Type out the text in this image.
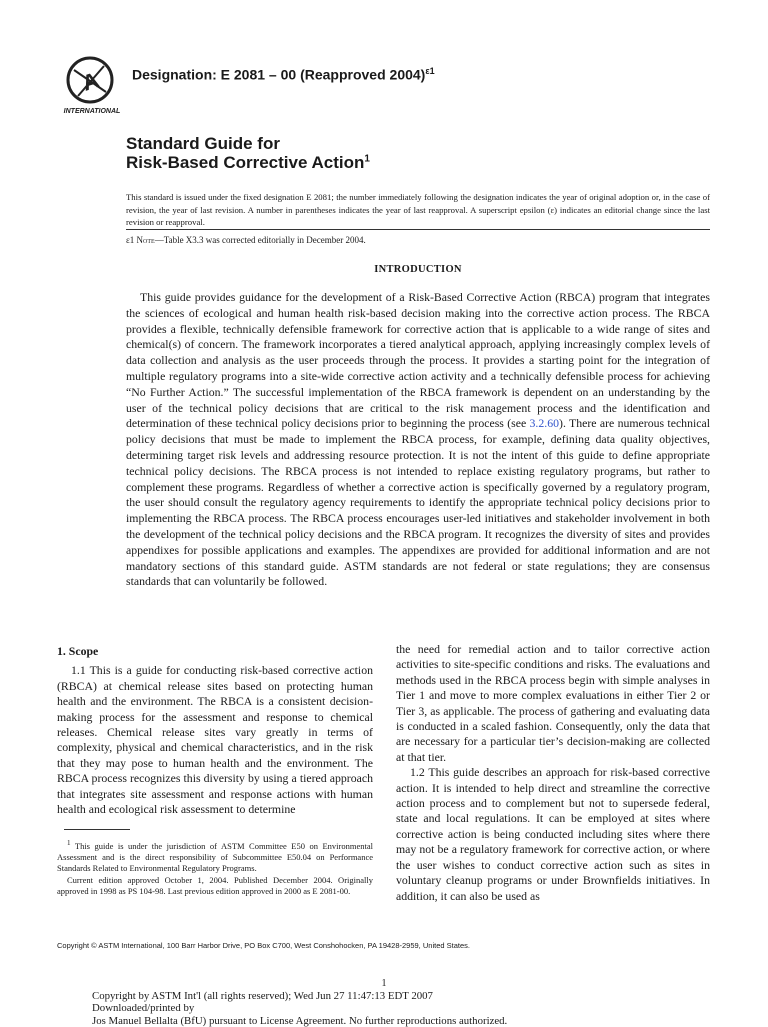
A
INTERNATIONAL
Designation: E 2081 – 00 (Reapproved 2004)$^{\varepsilon 1}$
Standard Guide for
Risk-Based Corrective Action$^1$
This standard is issued under the fixed designation E 2081; the number immediately following the designation indicates the year of original adoption or, in the case of revision, the year of last revision. A number in parentheses indicates the year of last reapproval. A superscript epsilon (ε) indicates an editorial change since the last revision or reapproval.
ε1 Note—Table X3.3 was corrected editorially in December 2004.
INTRODUCTION

This guide provides guidance for the development of a Risk-Based Corrective Action (RBCA) program that integrates the sciences of ecological and human health risk-based decision making into the corrective action process. The RBCA provides a flexible, technically defensible framework for corrective action that is applicable to a wide range of sites and chemical(s) of concern. The framework incorporates a tiered analytical approach, applying increasingly complex levels of data collection and analysis as the user proceeds through the process. It provides a starting point for the integration of multiple regulatory programs into a site-wide corrective action activity and a technically defensible process for achieving “No Further Action.” The successful implementation of the RBCA framework is dependent on an understanding by the user of the technical policy decisions that are critical to the risk management process and the identification and determination of these technical policy decisions prior to beginning the process (see 3.2.60). There are numerous technical policy decisions that must be made to implement the RBCA process, for example, defining data quality objectives, determining target risk levels and addressing resource protection. It is not the intent of this guide to define appropriate technical policy decisions. The RBCA process is not intended to replace existing regulatory programs, but rather to complement these programs. Regardless of whether a corrective action is specifically governed by a regulatory program, the user should consult the regulatory agency requirements to identify the appropriate technical policy decisions prior to implementing the RBCA process. The RBCA process encourages user-led initiatives and stakeholder involvement in both the development of the technical policy decisions and the RBCA program. It recognizes the diversity of sites and provides appendixes for possible applications and examples. The appendixes are provided for additional information and are not mandatory sections of this standard guide. ASTM standards are not federal or state regulations; they are consensus standards that can voluntarily be followed.

1. Scope

1.1 This is a guide for conducting risk-based corrective action (RBCA) at chemical release sites based on protecting human health and the environment. The RBCA is a consistent decision-making process for the assessment and response to chemical releases. Chemical release sites vary greatly in terms of complexity, physical and chemical characteristics, and in the risk that they may pose to human health and the environment. The RBCA process recognizes this diversity by using a tiered approach that integrates site assessment and response actions with human health and ecological risk assessment to determine

the need for remedial action and to tailor corrective action activities to site-specific conditions and risks. The evaluations and methods used in the RBCA process begin with simple analyses in Tier 1 and move to more complex evaluations in either Tier 2 or Tier 3, as applicable. The process of gathering and evaluating data is conducted in a scaled fashion. Consequently, only the data that are necessary for a particular tier’s decision-making are collected at that tier.

1.2 This guide describes an approach for risk-based corrective action. It is intended to help direct and streamline the corrective action process and to complement but not to supersede federal, state and local regulations. It can be employed at sites where corrective action is being conducted including sites where there may not be a regulatory framework for corrective action, or where the user wishes to conduct corrective action such as sites in voluntary cleanup programs or under Brownfields initiatives. In addition, it can also be used as

$^1$ This guide is under the jurisdiction of ASTM Committee E50 on Environmental Assessment and is the direct responsibility of Subcommittee E50.04 on Performance Standards Related to Environmental Regulatory Programs.

Current edition approved October 1, 2004. Published December 2004. Originally approved in 1998 as PS 104-98. Last previous edition approved in 2000 as E 2081-00.

Copyright © ASTM International, 100 Barr Harbor Drive, PO Box C700, West Conshohocken, PA 19428-2959, United States.
1
Copyright by ASTM Int'l (all rights reserved); Wed Jun 27 11:47:13 EDT 2007
Downloaded/printed by
Jos Manuel Bellalta (BfU) pursuant to License Agreement. No further reproductions authorized.
